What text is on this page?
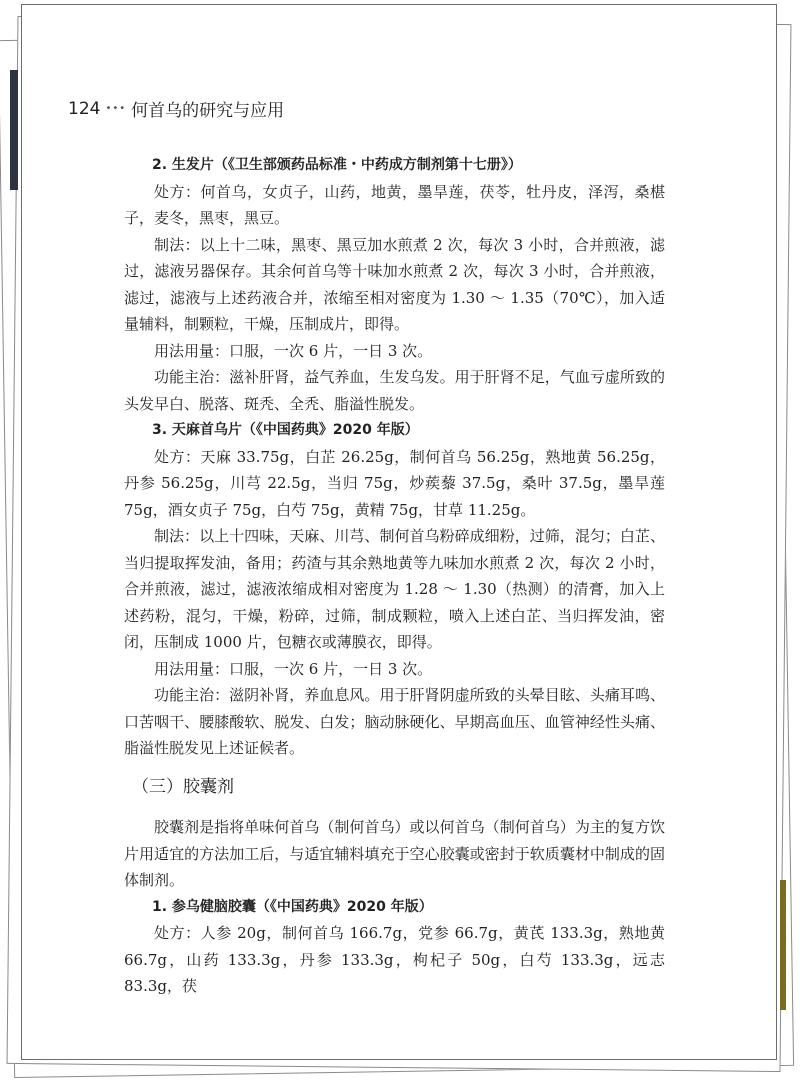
124 ••• 何首乌的研究与应用

2. 生发片（《卫生部颁药品标准・中药成方制剂第十七册》）

处方：何首乌，女贞子，山药，地黄，墨旱莲，茯苓，牡丹皮，泽泻，桑椹子，麦冬，黑枣，黑豆。

制法：以上十二味，黑枣、黑豆加水煎煮 2 次，每次 3 小时，合并煎液，滤过，滤液另器保存。其余何首乌等十味加水煎煮 2 次，每次 3 小时，合并煎液，滤过，滤液与上述药液合并，浓缩至相对密度为 1.30 ～ 1.35（70℃），加入适量辅料，制颗粒，干燥，压制成片，即得。

用法用量：口服，一次 6 片，一日 3 次。

功能主治：滋补肝肾，益气养血，生发乌发。用于肝肾不足，气血亏虚所致的头发早白、脱落、斑秃、全秃、脂溢性脱发。

3. 天麻首乌片（《中国药典》2020 年版）

处方：天麻 33.75g，白芷 26.25g，制何首乌 56.25g，熟地黄 56.25g，丹参 56.25g，川芎 22.5g，当归 75g，炒蒺藜 37.5g，桑叶 37.5g，墨旱莲 75g，酒女贞子 75g，白芍 75g，黄精 75g，甘草 11.25g。

制法：以上十四味，天麻、川芎、制何首乌粉碎成细粉，过筛，混匀；白芷、当归提取挥发油，备用；药渣与其余熟地黄等九味加水煎煮 2 次，每次 2 小时，合并煎液，滤过，滤液浓缩成相对密度为 1.28 ～ 1.30（热测）的清膏，加入上述药粉，混匀，干燥，粉碎，过筛，制成颗粒，喷入上述白芷、当归挥发油，密闭，压制成 1000 片，包糖衣或薄膜衣，即得。

用法用量：口服，一次 6 片，一日 3 次。

功能主治：滋阴补肾，养血息风。用于肝肾阴虚所致的头晕目眩、头痛耳鸣、口苦咽干、腰膝酸软、脱发、白发；脑动脉硬化、早期高血压、血管神经性头痛、脂溢性脱发见上述证候者。

（三）胶囊剂

胶囊剂是指将单味何首乌（制何首乌）或以何首乌（制何首乌）为主的复方饮片用适宜的方法加工后，与适宜辅料填充于空心胶囊或密封于软质囊材中制成的固体制剂。

1. 参乌健脑胶囊（《中国药典》2020 年版）

处方：人参 20g，制何首乌 166.7g，党参 66.7g，黄芪 133.3g，熟地黄 66.7g，山药 133.3g，丹参 133.3g，枸杞子 50g，白芍 133.3g，远志 83.3g，茯
